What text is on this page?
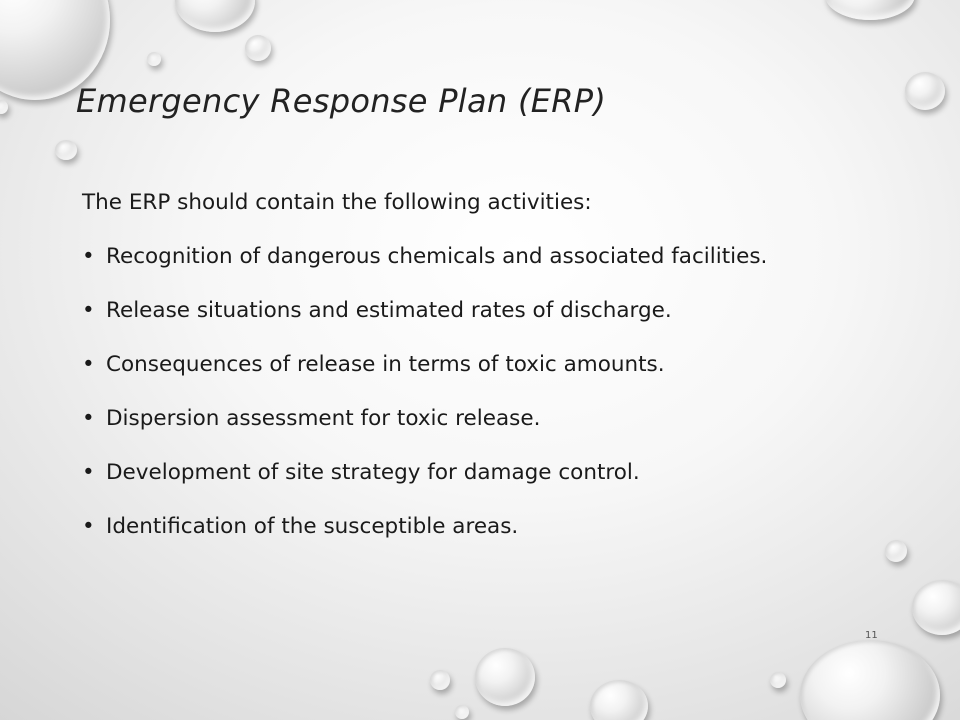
Emergency Response Plan (ERP)

The ERP should contain the following activities:

• Recognition of dangerous chemicals and associated facilities.
• Release situations and estimated rates of discharge.
• Consequences of release in terms of toxic amounts.
• Dispersion assessment for toxic release.
• Development of site strategy for damage control.
• Identification of the susceptible areas.
11
